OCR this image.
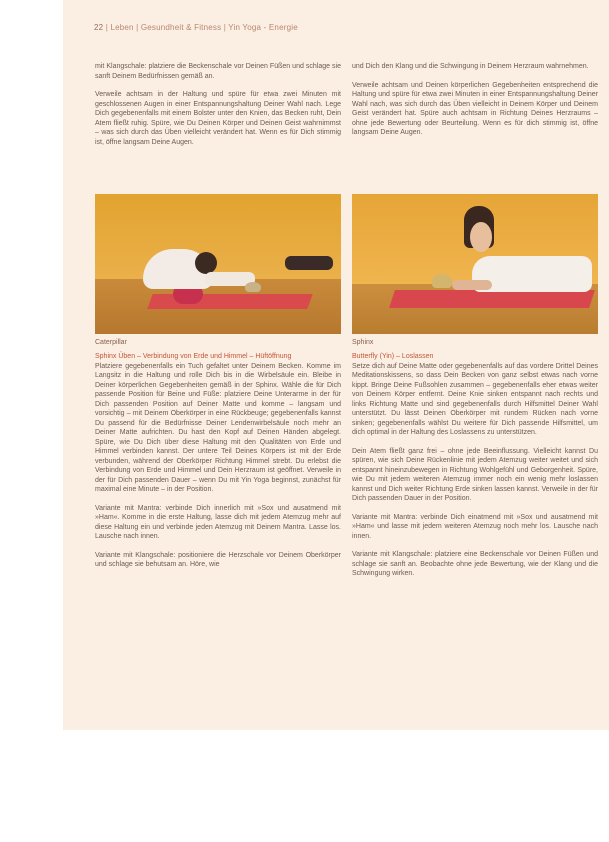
22 | Leben | Gesundheit & Fitness | Yin Yoga - Energie

mit Klangschale: platziere die Beckenschale vor Deinen Füßen und schlage sie sanft Deinem Bedürfnissen gemäß an.

Verweile achtsam in der Haltung und spüre für etwa zwei Minuten mit geschlossenen Augen in einer Entspannungshaltung Deiner Wahl nach. Lege Dich gegebenenfalls mit einem Bolster unter den Knien, das Becken ruht, Dein Atem fließt ruhig. Spüre, wie Du Deinen Körper und Deinen Geist wahrnimmst – was sich durch das Üben vielleicht verändert hat. Wenn es für Dich stimmig ist, öffne langsam Deine Augen.

und Dich den Klang und die Schwingung in Deinem Herzraum wahrnehmen.

Verweile achtsam und Deinen körperlichen Gegebenheiten entsprechend die Haltung und spüre für etwa zwei Minuten in einer Entspannungshaltung Deiner Wahl nach, was sich durch das Üben vielleicht in Deinem Körper und Deinem Geist verändert hat. Spüre auch achtsam in Richtung Deines Herzraums – ohne jede Bewertung oder Beurteilung. Wenn es für dich stimmig ist, öffne langsam Deine Augen.

Caterpillar	Sphinx

Sphinx Üben – Verbindung von Erde und Himmel – Hüftöffnung

Platziere gegebenenfalls ein Tuch gefaltet unter Deinem Becken. Komme im Langsitz in die Haltung und rolle Dich bis in die Wirbelsäule ein. Bleibe in Deiner körperlichen Gegebenheiten gemäß in der Sphinx. Wähle die für Dich passende Position für Beine und Füße: platziere Deine Unterarme in der für Dich passenden Position auf Deiner Matte und komme – langsam und vorsichtig – mit Deinem Oberkörper in eine Rückbeuge; gegebenenfalls kannst Du passend für die Bedürfnisse Deiner Lendenwirbelsäule noch mehr an Deiner Matte aufrichten. Du hast den Kopf auf Deinen Händen abgelegt. Spüre, wie Du Dich über diese Haltung mit den Qualitäten von Erde und Himmel verbinden kannst. Der untere Teil Deines Körpers ist mit der Erde verbunden, während der Oberkörper Richtung Himmel strebt. Du erlebst die Verbindung von Erde und Himmel und Dein Herzraum ist geöffnet. Verweile in der für Dich passenden Dauer – wenn Du mit Yin Yoga beginnst, zunächst für maximal eine Minute – in der Position.

Variante mit Mantra: verbinde Dich innerlich mit »Sox und ausatmend mit »Ham«. Komme in die erste Haltung, lasse dich mit jedem Atemzug mehr auf diese Haltung ein und verbinde jeden Atemzug mit Deinem Mantra. Lasse los. Lausche nach innen.

Variante mit Klangschale: positioniere die Herzschale vor Deinem Oberkörper und schlage sie behutsam an. Höre, wie

Butterfly (Yin) – Loslassen

Setze dich auf Deine Matte oder gegebenenfalls auf das vordere Drittel Deines Meditationskissens, so dass Dein Becken von ganz selbst etwas nach vorne kippt. Bringe Deine Fußsohlen zusammen – gegebenenfalls eher etwas weiter von Deinem Körper entfernt. Deine Knie sinken entspannt nach rechts und links Richtung Matte und sind gegebenenfalls durch Hilfsmittel Deiner Wahl unterstützt. Du lässt Deinen Oberkörper mit rundem Rücken nach vorne sinken; gegebenenfalls wählst Du weitere für Dich passende Hilfsmittel, um dich optimal in der Haltung des Loslassens zu unterstützen.

Dein Atem fließt ganz frei – ohne jede Beeinflussung. Vielleicht kannst Du spüren, wie sich Deine Rückenlinie mit jedem Atemzug weiter weitet und sich entspannt hineinzubewegen in Richtung Wohlgefühl und Geborgenheit. Spüre, wie Du mit jedem weiteren Atemzug immer noch ein wenig mehr loslassen kannst und Dich weiter Richtung Erde sinken lassen kannst. Verweile in der für Dich passenden Dauer in der Position.

Variante mit Mantra: verbinde Dich einatmend mit »Sox und ausatmend mit »Ham« und lasse mit jedem weiteren Atemzug noch mehr los. Lausche nach innen.

Variante mit Klangschale: platziere eine Beckenschale vor Deinen Füßen und schlage sie sanft an. Beobachte ohne jede Bewertung, wie der Klang und die Schwingung wirken.
